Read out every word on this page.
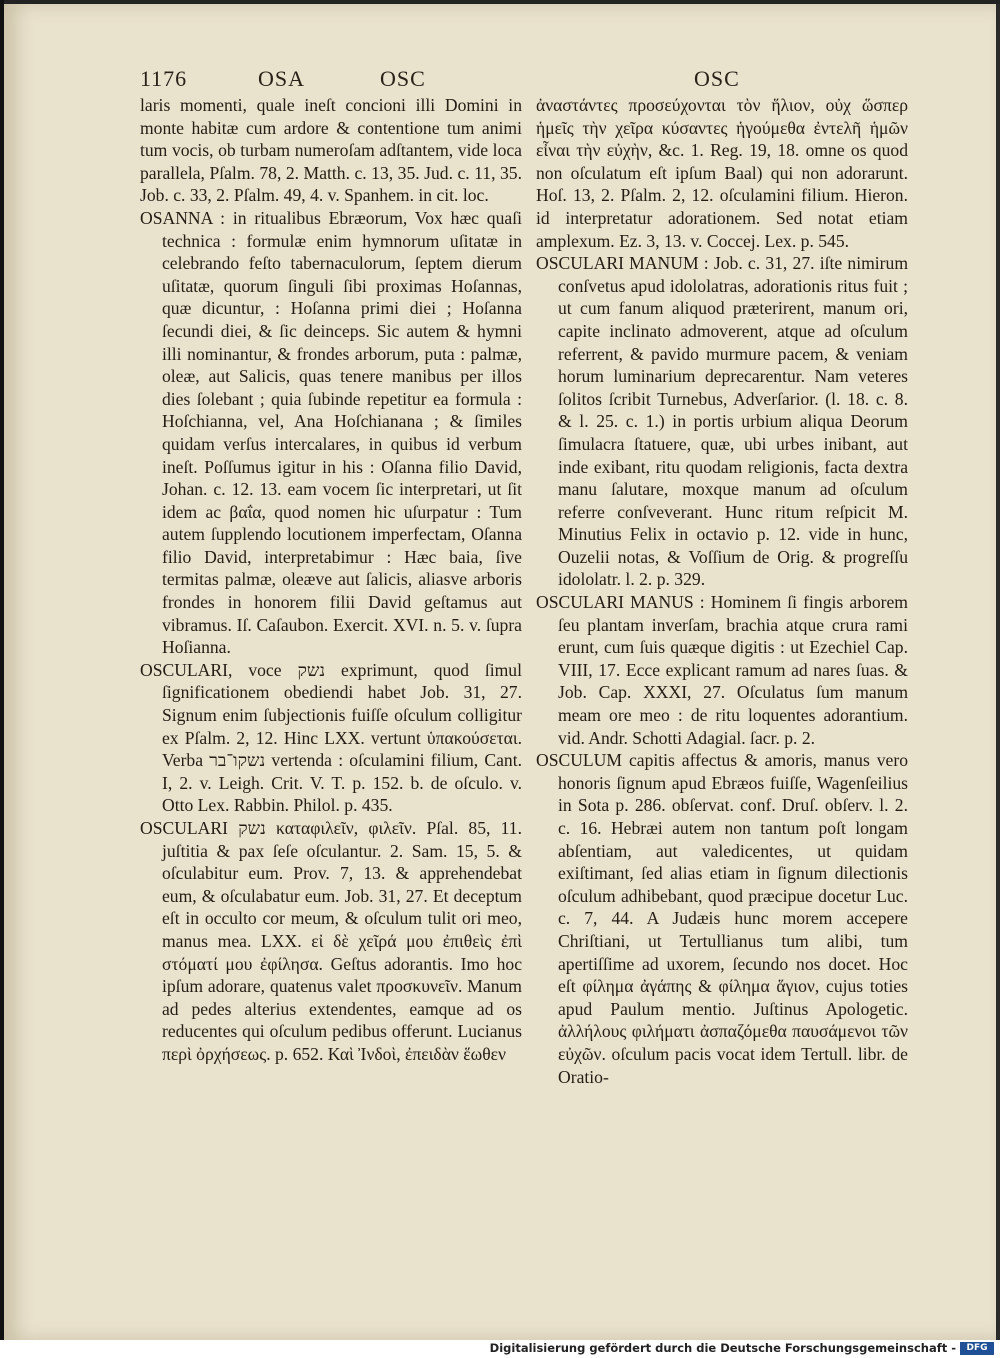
1176	OSA	OSC	OSC

laris momenti, quale ineſt concioni illi Domini in monte habitæ cum ardore & contentione tum animi tum vocis, ob turbam numeroſam adſtantem, vide loca parallela, Pſalm. 78, 2. Matth. c. 13, 35. Jud. c. 11, 35. Job. c. 33, 2. Pſalm. 49, 4. v. Spanhem. in cit. loc.

OSANNA : in ritualibus Ebræorum, Vox hæc quaſi technica : formulæ enim hymnorum uſitatæ in celebrando feſto tabernaculorum, ſeptem dierum uſitatæ, quorum ſinguli ſibi proximas Hoſannas, quæ dicuntur, : Hoſanna primi diei ; Hoſanna ſecundi diei, & ſic deinceps. Sic autem & hymni illi nominantur, & frondes arborum, puta : palmæ, oleæ, aut Salicis, quas tenere manibus per illos dies ſolebant ; quia ſubinde repetitur ea formula : Hoſchianna, vel, Ana Hoſchianana ; & ſimiles quidam verſus intercalares, in quibus id verbum ineſt. Poſſumus igitur in his : Oſanna filio David, Johan. c. 12. 13. eam vocem ſic interpretari, ut ſit idem ac βαΐα, quod nomen hic uſurpatur : Tum autem ſupplendo locutionem imperfectam, Oſanna filio David, interpretabimur : Hæc baia, ſive termitas palmæ, oleæve aut ſalicis, aliasve arboris frondes in honorem filii David geſtamus aut vibramus. Iſ. Caſaubon. Exercit. XVI. n. 5. v. ſupra Hoſianna.

OSCULARI, voce נשק exprimunt, quod ſimul ſignificationem obediendi habet Job. 31, 27. Signum enim ſubjectionis fuiſſe oſculum colligitur ex Pſalm. 2, 12. Hinc LXX. vertunt ὑπακούσεται. Verba נשקו־בר vertenda : oſculamini filium, Cant. I, 2. v. Leigh. Crit. V. T. p. 152. b. de oſculo. v. Otto Lex. Rabbin. Philol. p. 435.

OSCULARI נשק καταφιλεῖν, φιλεῖν. Pſal. 85, 11. juſtitia & pax ſeſe oſculantur. 2. Sam. 15, 5. & oſculabitur eum. Prov. 7, 13. & apprehendebat eum, & oſculabatur eum. Job. 31, 27. Et deceptum eſt in occulto cor meum, & oſculum tulit ori meo, manus mea. LXX. εἰ δὲ χεῖρά μου ἐπιθεὶς ἐπὶ στόματί μου ἐφίλησα. Geſtus adorantis. Imo hoc ipſum adorare, quatenus valet προσκυνεῖν. Manum ad pedes alterius extendentes, eamque ad os reducentes qui oſculum pedibus offerunt. Lucianus περὶ ὀρχήσεως. p. 652. Καὶ Ἰνδοὶ, ἐπειδὰν ἕωθεν

ἀναστάντες προσεύχονται τὸν ἥλιον, οὐχ ὥσπερ ἡμεῖς τὴν χεῖρα κύσαντες ἡγούμεθα ἐντελῆ ἡμῶν εἶναι τὴν εὐχὴν, &c. 1. Reg. 19, 18. omne os quod non oſculatum eſt ipſum Baal) qui non adorarunt. Hoſ. 13, 2. Pſalm. 2, 12. oſculamini filium. Hieron. id interpretatur adorationem. Sed notat etiam amplexum. Ez. 3, 13. v. Coccej. Lex. p. 545.

OSCULARI MANUM : Job. c. 31, 27. iſte nimirum conſvetus apud idololatras, adorationis ritus fuit ; ut cum fanum aliquod præterirent, manum ori, capite inclinato admoverent, atque ad oſculum referrent, & pavido murmure pacem, & veniam horum luminarium deprecarentur. Nam veteres ſolitos ſcribit Turnebus, Adverſarior. (l. 18. c. 8. & l. 25. c. 1.) in portis urbium aliqua Deorum ſimulacra ſtatuere, quæ, ubi urbes inibant, aut inde exibant, ritu quodam religionis, facta dextra manu ſalutare, moxque manum ad oſculum referre conſveverant. Hunc ritum reſpicit M. Minutius Felix in octavio p. 12. vide in hunc, Ouzelii notas, & Voſſium de Orig. & progreſſu idololatr. l. 2. p. 329.

OSCULARI MANUS : Hominem ſi fingis arborem ſeu plantam inverſam, brachia atque crura rami erunt, cum ſuis quæque digitis : ut Ezechiel Cap. VIII, 17. Ecce explicant ramum ad nares ſuas. & Job. Cap. XXXI, 27. Oſculatus ſum manum meam ore meo : de ritu loquentes adorantium. vid. Andr. Schotti Adagial. ſacr. p. 2.

OSCULUM capitis affectus & amoris, manus vero honoris ſignum apud Ebræos fuiſſe, Wagenſeilius in Sota p. 286. obſervat. conf. Druſ. obſerv. l. 2. c. 16. Hebræi autem non tantum poſt longam abſentiam, aut valedicentes, ut quidam exiſtimant, ſed alias etiam in ſignum dilectionis oſculum adhibebant, quod præcipue docetur Luc. c. 7, 44. A Judæis hunc morem accepere Chriſtiani, ut Tertullianus tum alibi, tum apertiſſime ad uxorem, ſecundo nos docet. Hoc eſt φίλημα ἀγάπης & φίλημα ἅγιον, cujus toties apud Paulum mentio. Juſtinus Apologetic. ἀλλήλους φιλήματι ἀσπαζόμεθα παυσάμενοι τῶν εὐχῶν. oſculum pacis vocat idem Tertull. libr. de Oratio-

Digitalisierung gefördert durch die Deutsche Forschungsgemeinschaft -	DFG
